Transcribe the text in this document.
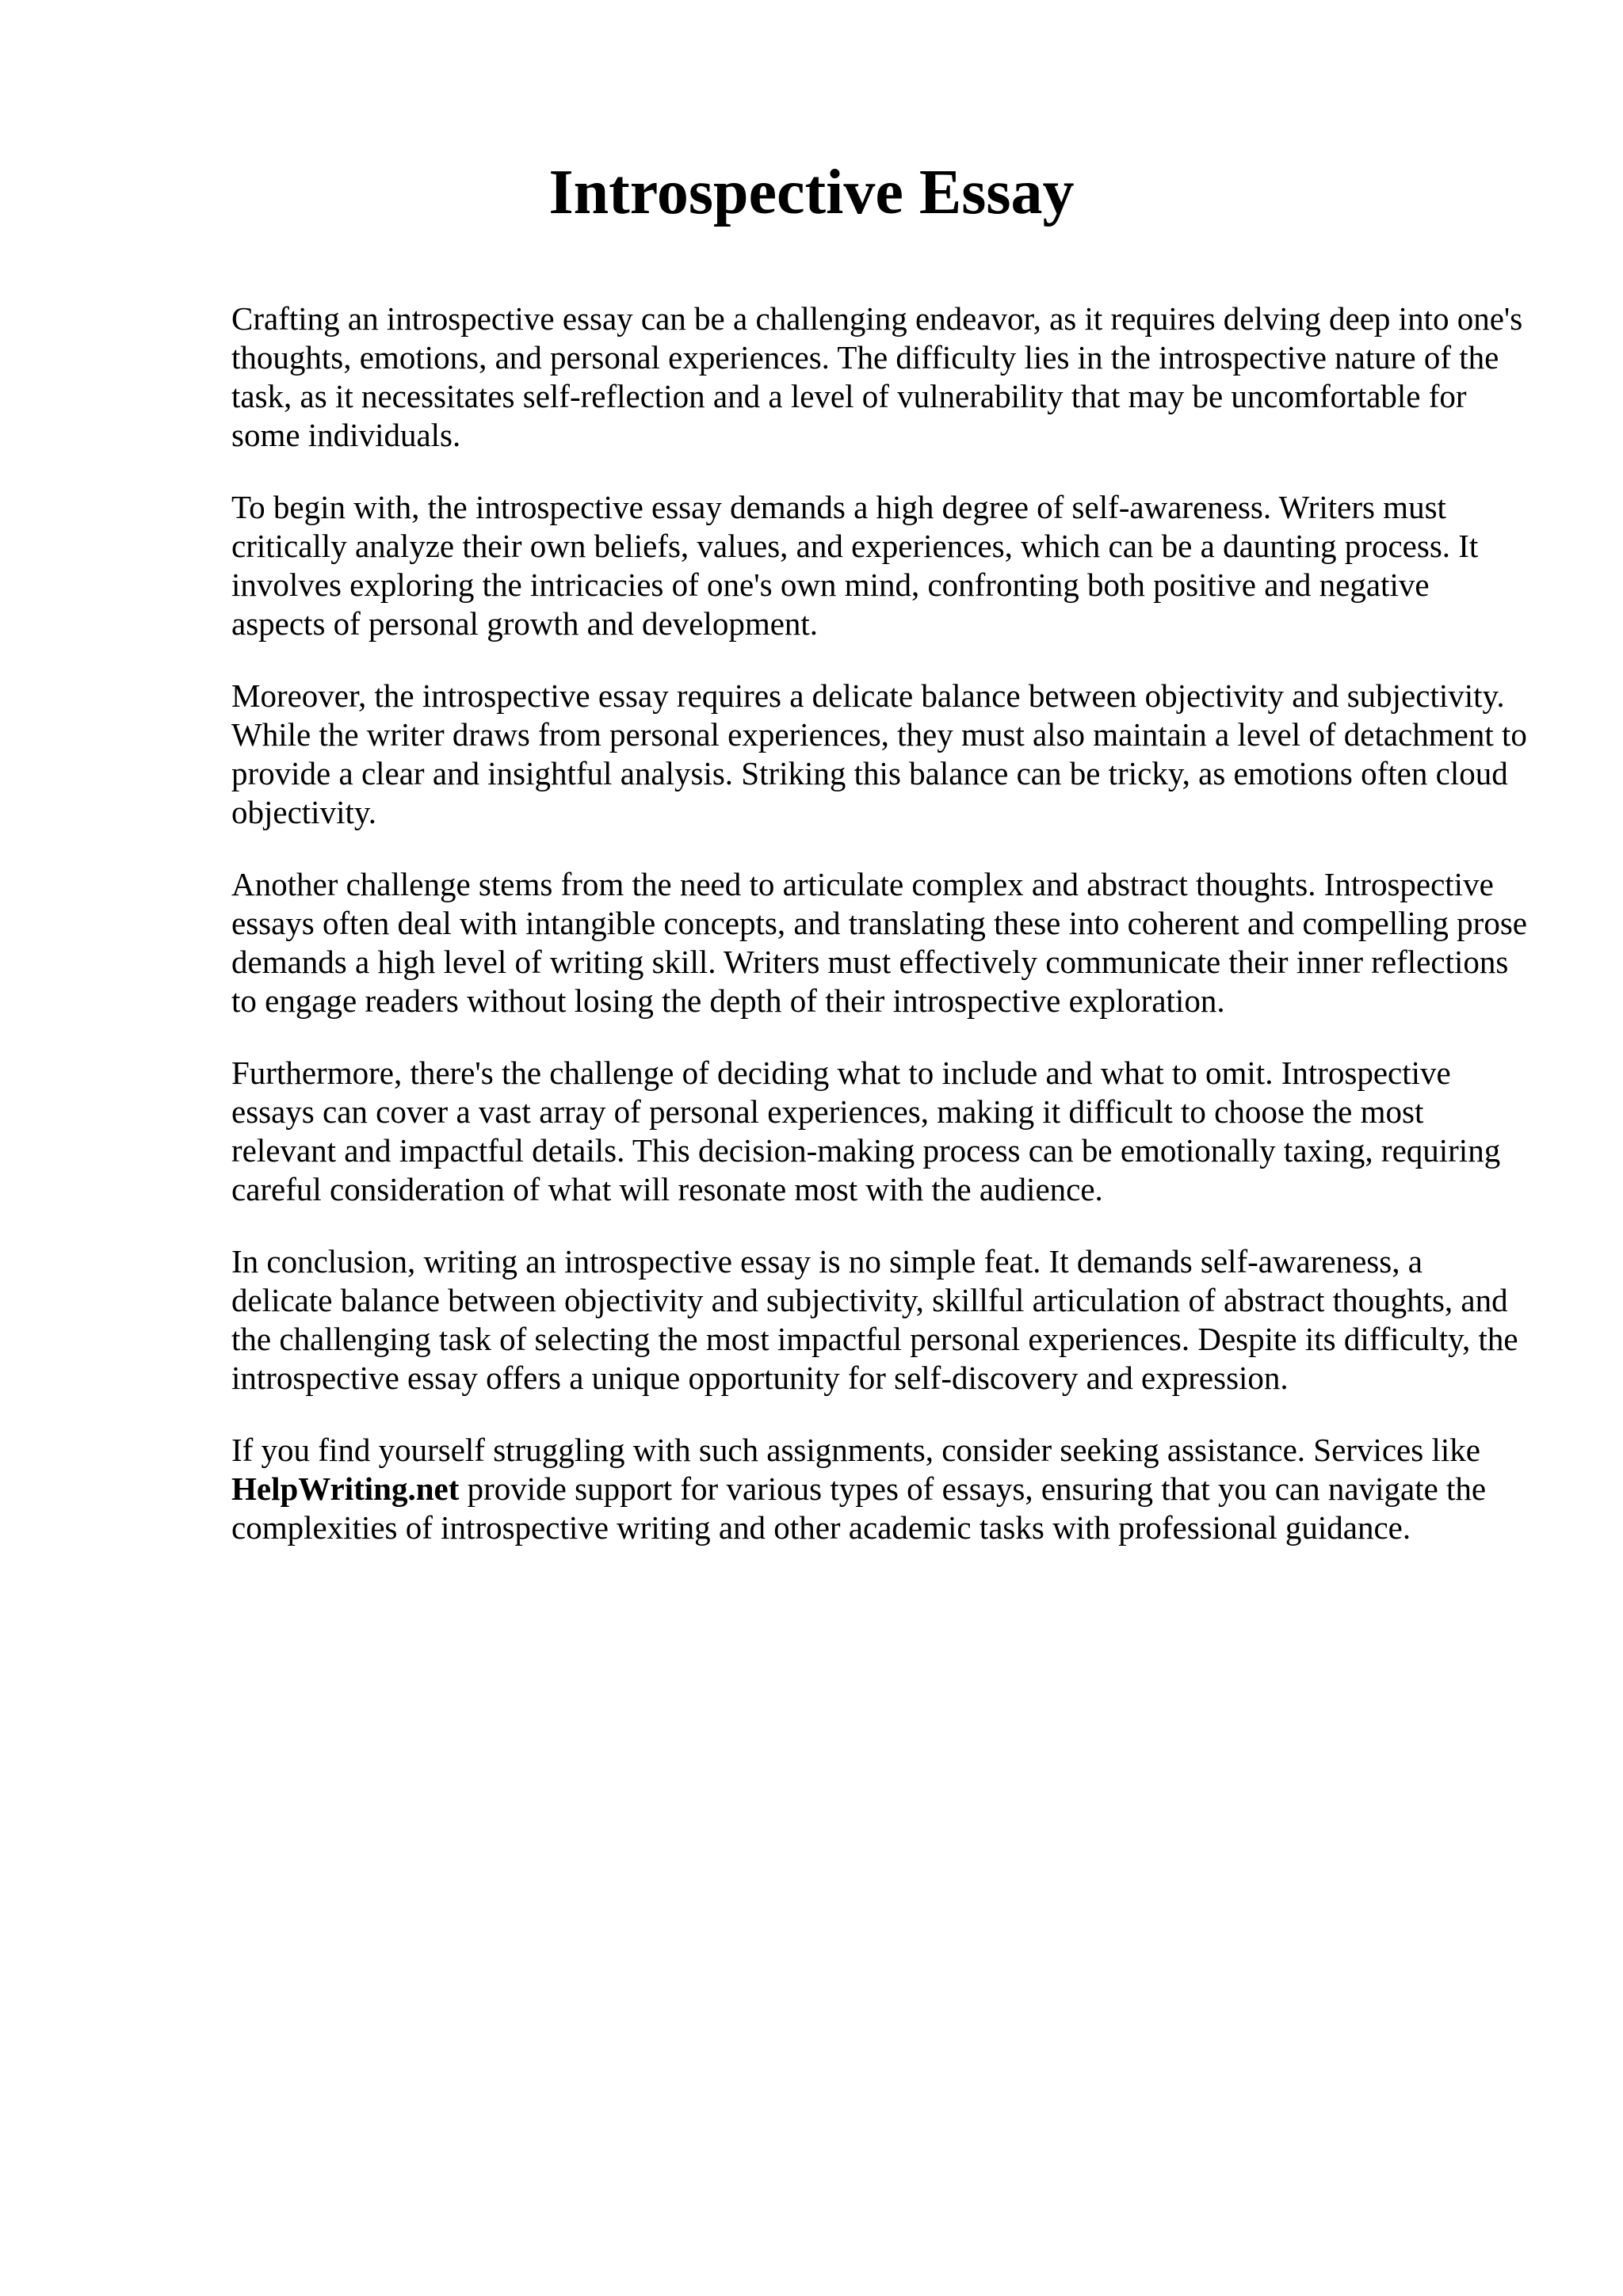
Introspective Essay

Crafting an introspective essay can be a challenging endeavor, as it requires delving deep into one's thoughts, emotions, and personal experiences. The difficulty lies in the introspective nature of the task, as it necessitates self-reflection and a level of vulnerability that may be uncomfortable for some individuals.

To begin with, the introspective essay demands a high degree of self-awareness. Writers must critically analyze their own beliefs, values, and experiences, which can be a daunting process. It involves exploring the intricacies of one's own mind, confronting both positive and negative aspects of personal growth and development.

Moreover, the introspective essay requires a delicate balance between objectivity and subjectivity. While the writer draws from personal experiences, they must also maintain a level of detachment to provide a clear and insightful analysis. Striking this balance can be tricky, as emotions often cloud objectivity.

Another challenge stems from the need to articulate complex and abstract thoughts. Introspective essays often deal with intangible concepts, and translating these into coherent and compelling prose demands a high level of writing skill. Writers must effectively communicate their inner reflections to engage readers without losing the depth of their introspective exploration.

Furthermore, there's the challenge of deciding what to include and what to omit. Introspective essays can cover a vast array of personal experiences, making it difficult to choose the most relevant and impactful details. This decision-making process can be emotionally taxing, requiring careful consideration of what will resonate most with the audience.

In conclusion, writing an introspective essay is no simple feat. It demands self-awareness, a delicate balance between objectivity and subjectivity, skillful articulation of abstract thoughts, and the challenging task of selecting the most impactful personal experiences. Despite its difficulty, the introspective essay offers a unique opportunity for self-discovery and expression.

If you find yourself struggling with such assignments, consider seeking assistance. Services like HelpWriting.net provide support for various types of essays, ensuring that you can navigate the complexities of introspective writing and other academic tasks with professional guidance.
